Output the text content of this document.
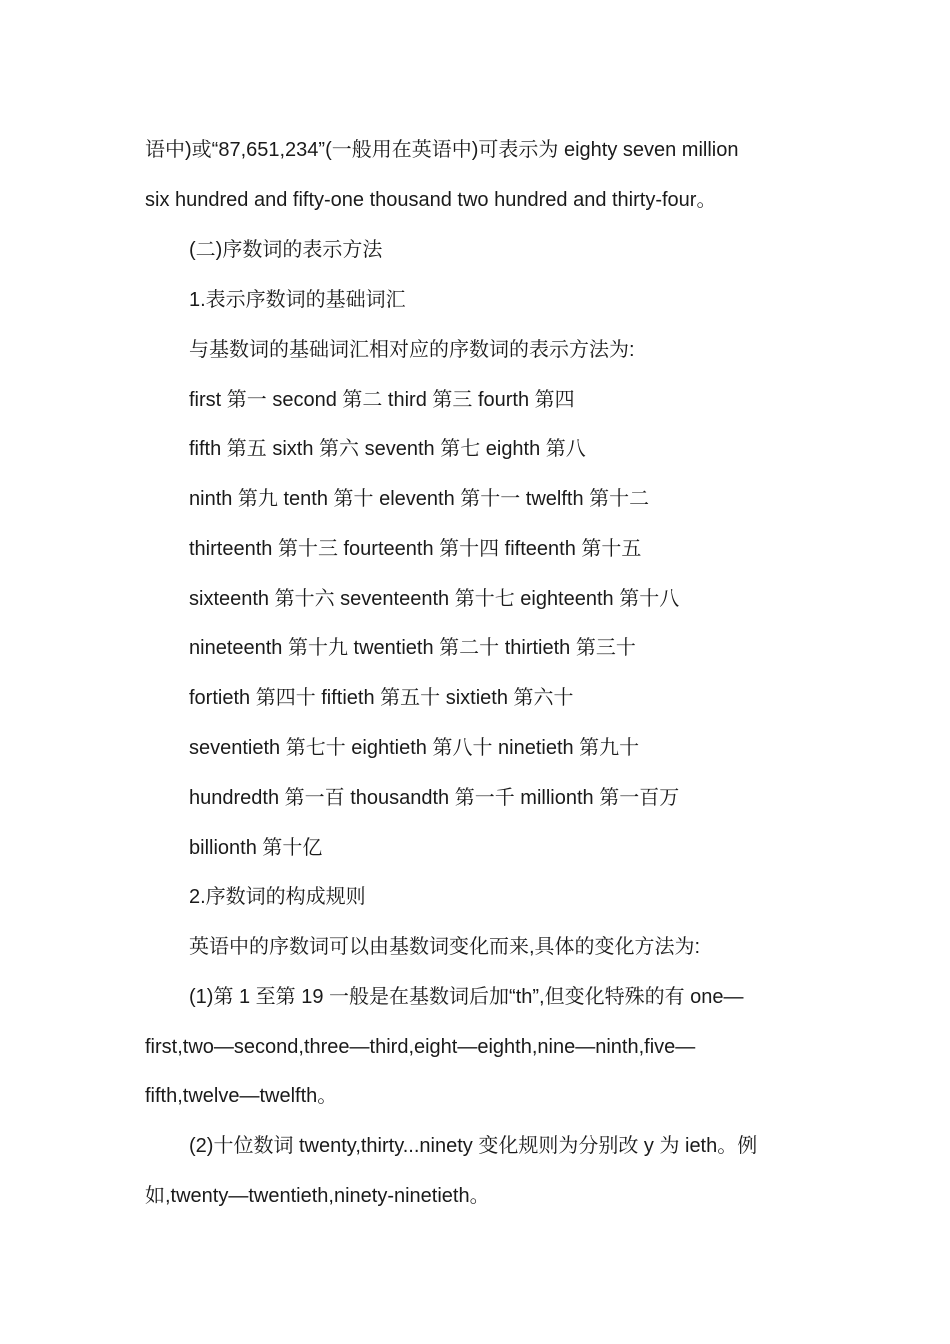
语中)或“87,651,234”(一般用在英语中)可表示为 eighty seven million
six hundred and fifty-one thousand two hundred and thirty-four。
(二)序数词的表示方法
1.表示序数词的基础词汇
与基数词的基础词汇相对应的序数词的表示方法为:
first 第一 second 第二 third 第三 fourth 第四
fifth 第五 sixth 第六 seventh 第七 eighth 第八
ninth 第九 tenth 第十 eleventh 第十一 twelfth 第十二
thirteenth 第十三 fourteenth 第十四 fifteenth 第十五
sixteenth 第十六 seventeenth 第十七 eighteenth 第十八
nineteenth 第十九 twentieth 第二十 thirtieth 第三十
fortieth 第四十 fiftieth 第五十 sixtieth 第六十
seventieth 第七十 eightieth 第八十 ninetieth 第九十
hundredth 第一百 thousandth 第一千 millionth 第一百万
billionth 第十亿
2.序数词的构成规则
英语中的序数词可以由基数词变化而来,具体的变化方法为:
(1)第 1 至第 19 一般是在基数词后加“th”,但变化特殊的有 one—
first,two—second,three—third,eight—eighth,nine—ninth,five—
fifth,twelve—twelfth。
(2)十位数词 twenty,thirty...ninety 变化规则为分别改 y 为 ieth。例
如,twenty—twentieth,ninety-ninetieth。
